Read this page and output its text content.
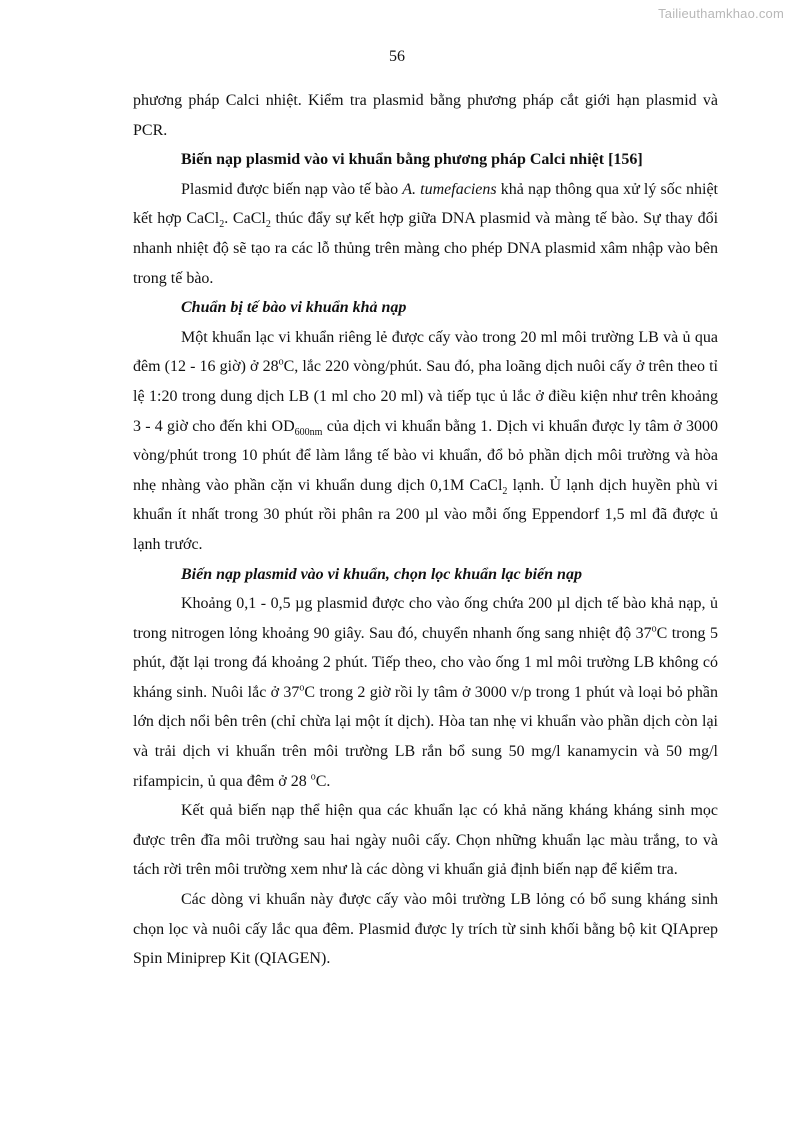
Tailieuthamkhao.com
56

phương pháp Calci nhiệt. Kiểm tra plasmid bằng phương pháp cắt giới hạn plasmid và PCR.

Biến nạp plasmid vào vi khuẩn bằng phương pháp Calci nhiệt [156]

Plasmid được biến nạp vào tế bào A. tumefaciens khả nạp thông qua xử lý sốc nhiệt kết hợp CaCl$_2$. CaCl$_2$ thúc đẩy sự kết hợp giữa DNA plasmid và màng tế bào. Sự thay đổi nhanh nhiệt độ sẽ tạo ra các lỗ thủng trên màng cho phép DNA plasmid xâm nhập vào bên trong tế bào.

Chuẩn bị tế bào vi khuẩn khả nạp

Một khuẩn lạc vi khuẩn riêng lẻ được cấy vào trong 20 ml môi trường LB và ủ qua đêm (12 - 16 giờ) ở 28$^o$C, lắc 220 vòng/phút. Sau đó, pha loãng dịch nuôi cấy ở trên theo tỉ lệ 1:20 trong dung dịch LB (1 ml cho 20 ml) và tiếp tục ủ lắc ở điều kiện như trên khoảng 3 - 4 giờ cho đến khi $OD_{600nm}$ của dịch vi khuẩn bằng 1. Dịch vi khuẩn được ly tâm ở 3000 vòng/phút trong 10 phút để làm lắng tế bào vi khuẩn, đổ bỏ phần dịch môi trường và hòa nhẹ nhàng vào phần cặn vi khuẩn dung dịch 0,1M CaCl$_2$ lạnh. Ủ lạnh dịch huyền phù vi khuẩn ít nhất trong 30 phút rồi phân ra 200 µl vào mỗi ống Eppendorf 1,5 ml đã được ủ lạnh trước.

Biến nạp plasmid vào vi khuẩn, chọn lọc khuẩn lạc biến nạp

Khoảng 0,1 - 0,5 µg plasmid được cho vào ống chứa 200 µl dịch tế bào khả nạp, ủ trong nitrogen lỏng khoảng 90 giây. Sau đó, chuyển nhanh ống sang nhiệt độ 37$^o$C trong 5 phút, đặt lại trong đá khoảng 2 phút. Tiếp theo, cho vào ống 1 ml môi trường LB không có kháng sinh. Nuôi lắc ở 37$^o$C trong 2 giờ rồi ly tâm ở 3000 v/p trong 1 phút và loại bỏ phần lớn dịch nổi bên trên (chỉ chừa lại một ít dịch). Hòa tan nhẹ vi khuẩn vào phần dịch còn lại và trải dịch vi khuẩn trên môi trường LB rắn bổ sung 50 mg/l kanamycin và 50 mg/l rifampicin, ủ qua đêm ở 28 $^o$C.

Kết quả biến nạp thể hiện qua các khuẩn lạc có khả năng kháng kháng sinh mọc được trên đĩa môi trường sau hai ngày nuôi cấy. Chọn những khuẩn lạc màu trắng, to và tách rời trên môi trường xem như là các dòng vi khuẩn giả định biến nạp để kiểm tra.

Các dòng vi khuẩn này được cấy vào môi trường LB lỏng có bổ sung kháng sinh chọn lọc và nuôi cấy lắc qua đêm. Plasmid được ly trích từ sinh khối bằng bộ kit QIAprep Spin Miniprep Kit (QIAGEN).
